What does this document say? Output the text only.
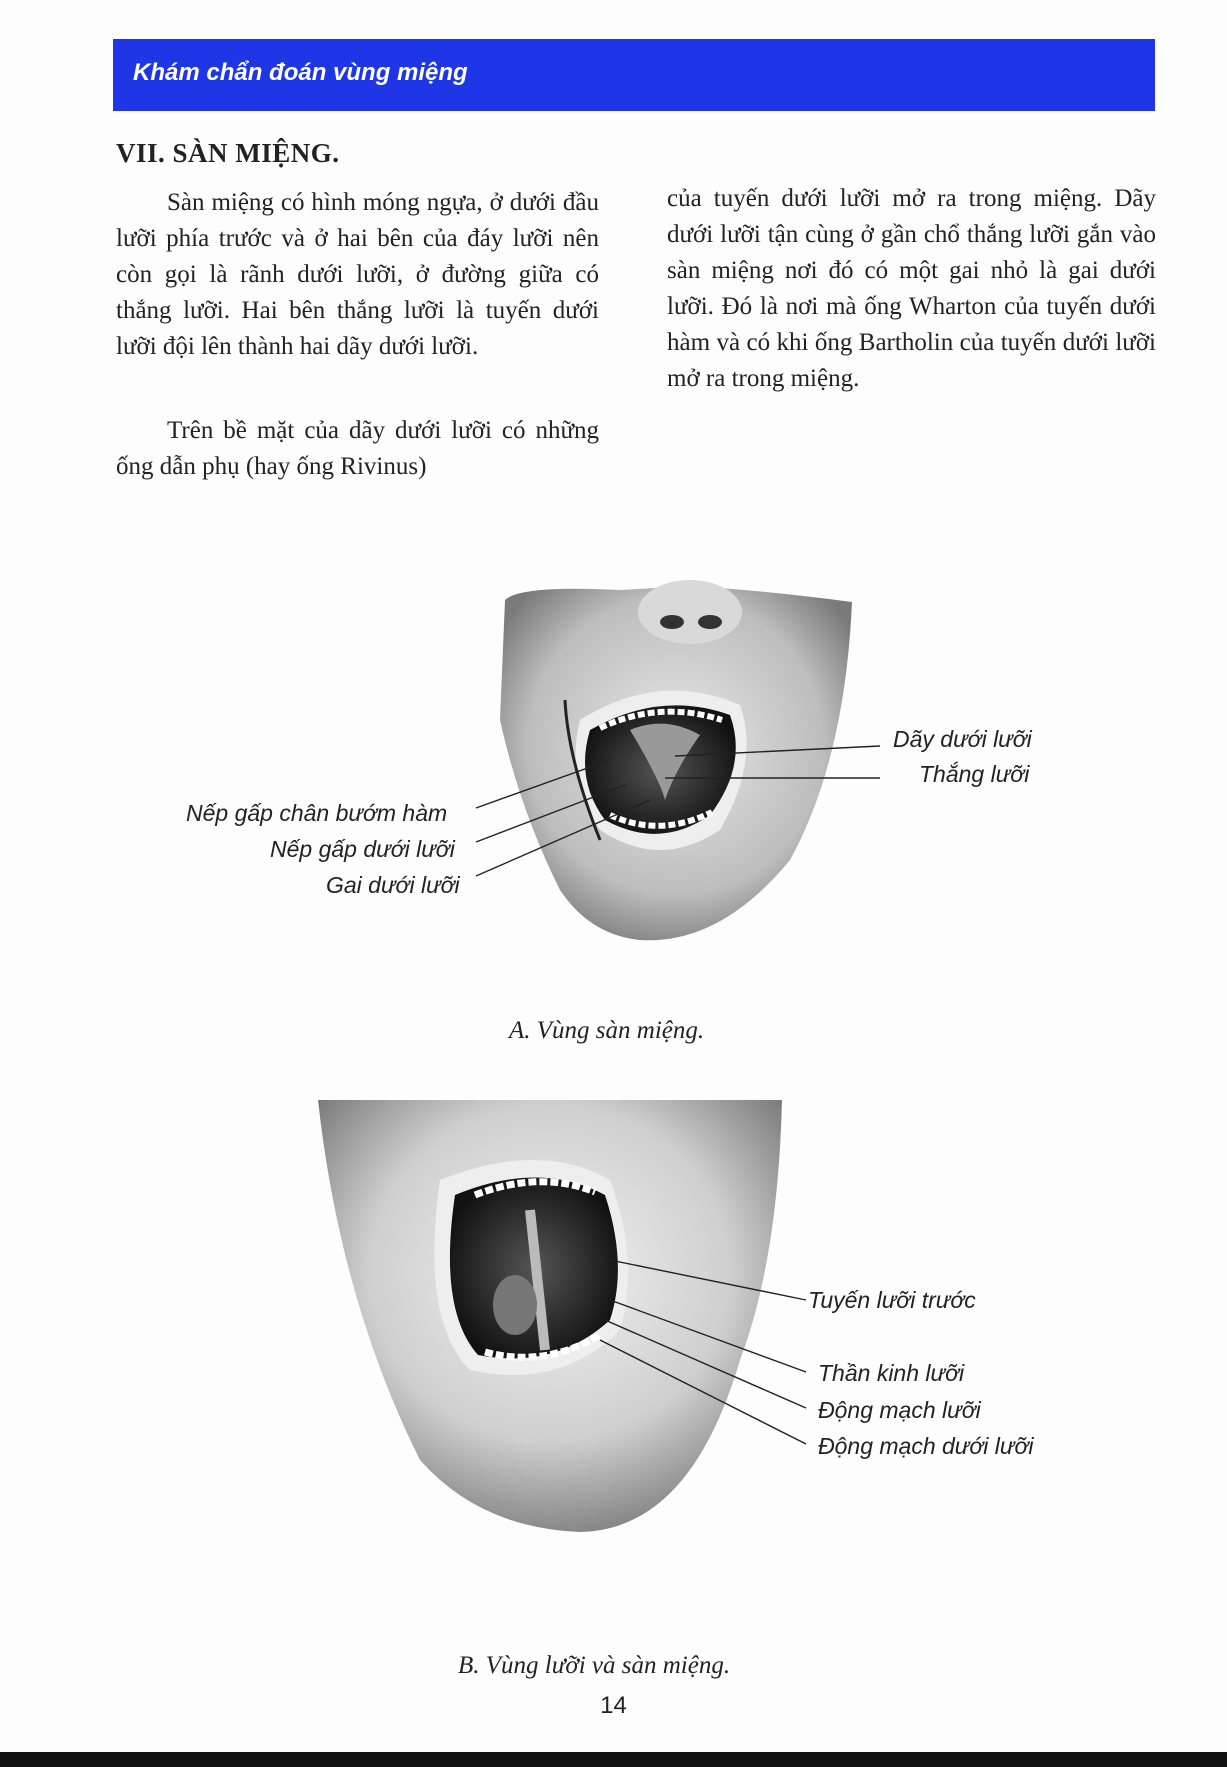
Khám chẩn đoán vùng miệng
VII. SÀN MIỆNG.

Sàn miệng có hình móng ngựa, ở dưới đầu lưỡi phía trước và ở hai bên của đáy lưỡi nên còn gọi là rãnh dưới lưỡi, ở đường giữa có thắng lưỡi. Hai bên thắng lưỡi là tuyến dưới lưỡi đội lên thành hai dãy dưới lưỡi.

Trên bề mặt của dãy dưới lưỡi có những ống dẫn phụ (hay ống Rivinus)

của tuyến dưới lưỡi mở ra trong miệng. Dãy dưới lưỡi tận cùng ở gần chổ thắng lưỡi gắn vào sàn miệng nơi đó có một gai nhỏ là gai dưới lưỡi. Đó là nơi mà ống Wharton của tuyến dưới hàm và có khi ống Bartholin của tuyến dưới lưỡi mở ra trong miệng.

Dãy dưới lưỡi
Thắng lưỡi
Nếp gấp chân bướm hàm
Nếp gấp dưới lưỡi
Gai dưới lưỡi
A. Vùng sàn miệng.
Tuyến lưỡi trước
Thần kinh lưỡi
Động mạch lưỡi
Động mạch dưới lưỡi
B. Vùng lưỡi và sàn miệng.
14
